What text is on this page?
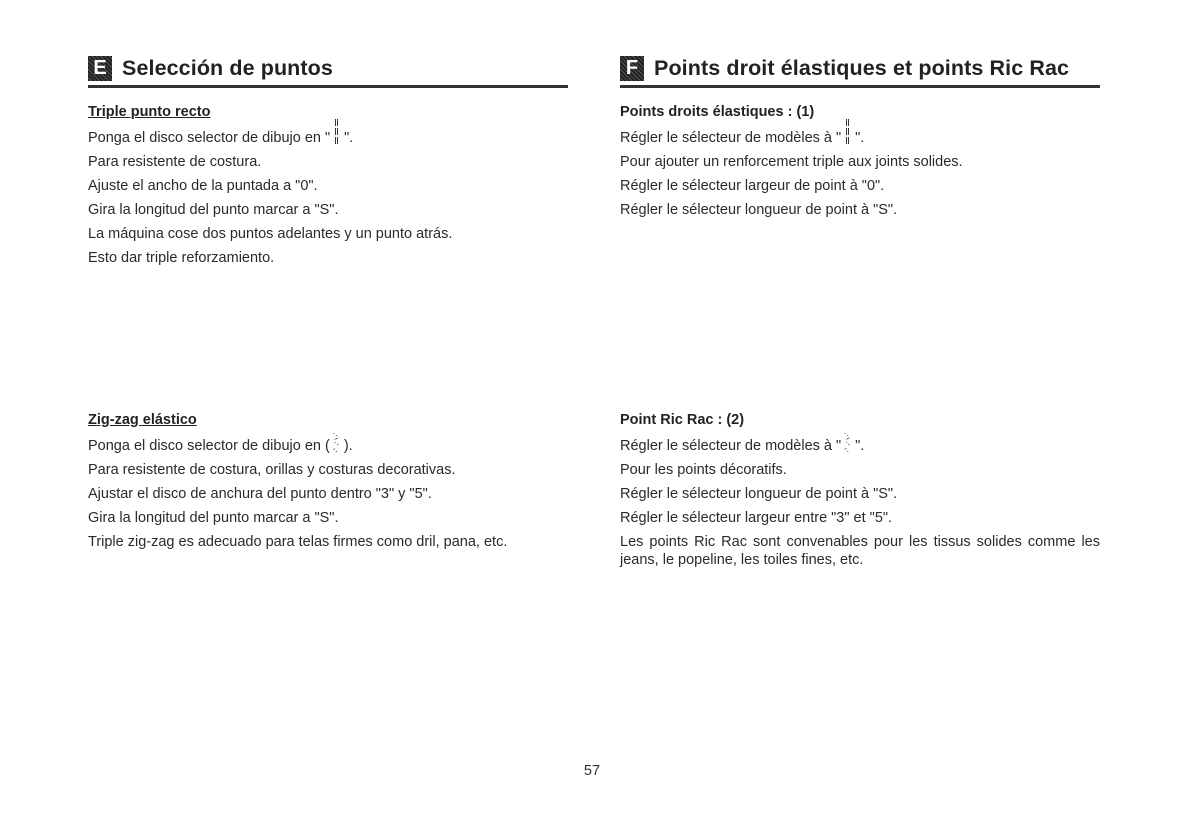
E Selección de puntos

Triple punto recto

Ponga el disco selector de dibujo en " ".

Para resistente de costura.

Ajuste el ancho de la puntada a "0".

Gira la longitud del punto marcar a "S".

La máquina cose dos puntos adelantes y un punto atrás.

Esto dar triple reforzamiento.

Zig-zag elástico

Ponga el disco selector de dibujo en ( ).

Para resistente de costura, orillas y costuras decorativas.

Ajustar el disco de anchura del punto dentro "3" y "5".

Gira la longitud del punto marcar a "S".

Triple zig-zag es adecuado para telas firmes como dril, pana, etc.

F Points droit élastiques et points Ric Rac

Points droits élastiques : (1)

Régler le sélecteur de modèles à " ".

Pour ajouter un renforcement triple aux joints solides.

Régler le sélecteur largeur de point à "0".

Régler le sélecteur longueur de point à "S".

Point Ric Rac : (2)

Régler le sélecteur de modèles à " ".

Pour les points décoratifs.

Régler le sélecteur longueur de point à "S".

Régler le sélecteur largeur entre "3" et "5".

Les points Ric Rac sont convenables pour les tissus solides comme les jeans, le popeline, les toiles fines, etc.

57
